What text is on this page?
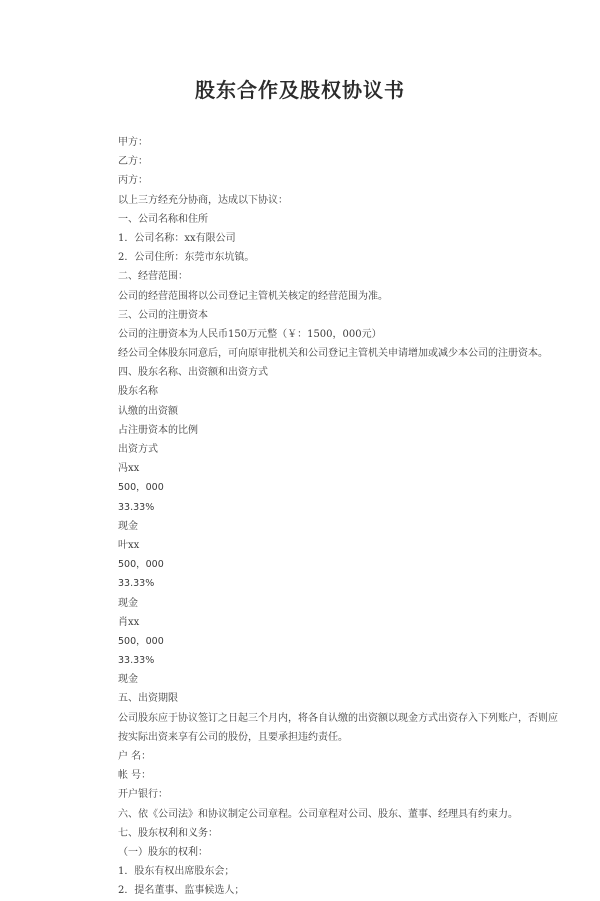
股东合作及股权协议书
甲方：
乙方：
丙方：
以上三方经充分协商，达成以下协议：
一、公司名称和住所
1．公司名称：xx有限公司
2．公司住所：东莞市东坑镇。
二、经营范围：
公司的经营范围将以公司登记主管机关核定的经营范围为准。
三、公司的注册资本
公司的注册资本为人民币150万元整（￥：1500，000元）
经公司全体股东同意后，可向原审批机关和公司登记主管机关申请增加或减少本公司的注册资本。
四、股东名称、出资额和出资方式
股东名称
认缴的出资额
占注册资本的比例
出资方式
冯xx
500，000
33.33%
现金
叶xx
500，000
33.33%
现金
肖xx
500，000
33.33%
现金
五、出资期限
公司股东应于协议签订之日起三个月内，将各自认缴的出资额以现金方式出资存入下列账户，否则应按实际出资来享有公司的股份，且要承担违约责任。
户 名：
帐 号：
开户银行：
六、依《公司法》和协议制定公司章程。公司章程对公司、股东、董事、经理具有约束力。
七、股东权利和义务：
（一）股东的权利：
1．股东有权出席股东会；
2．提名董事、监事候选人；
